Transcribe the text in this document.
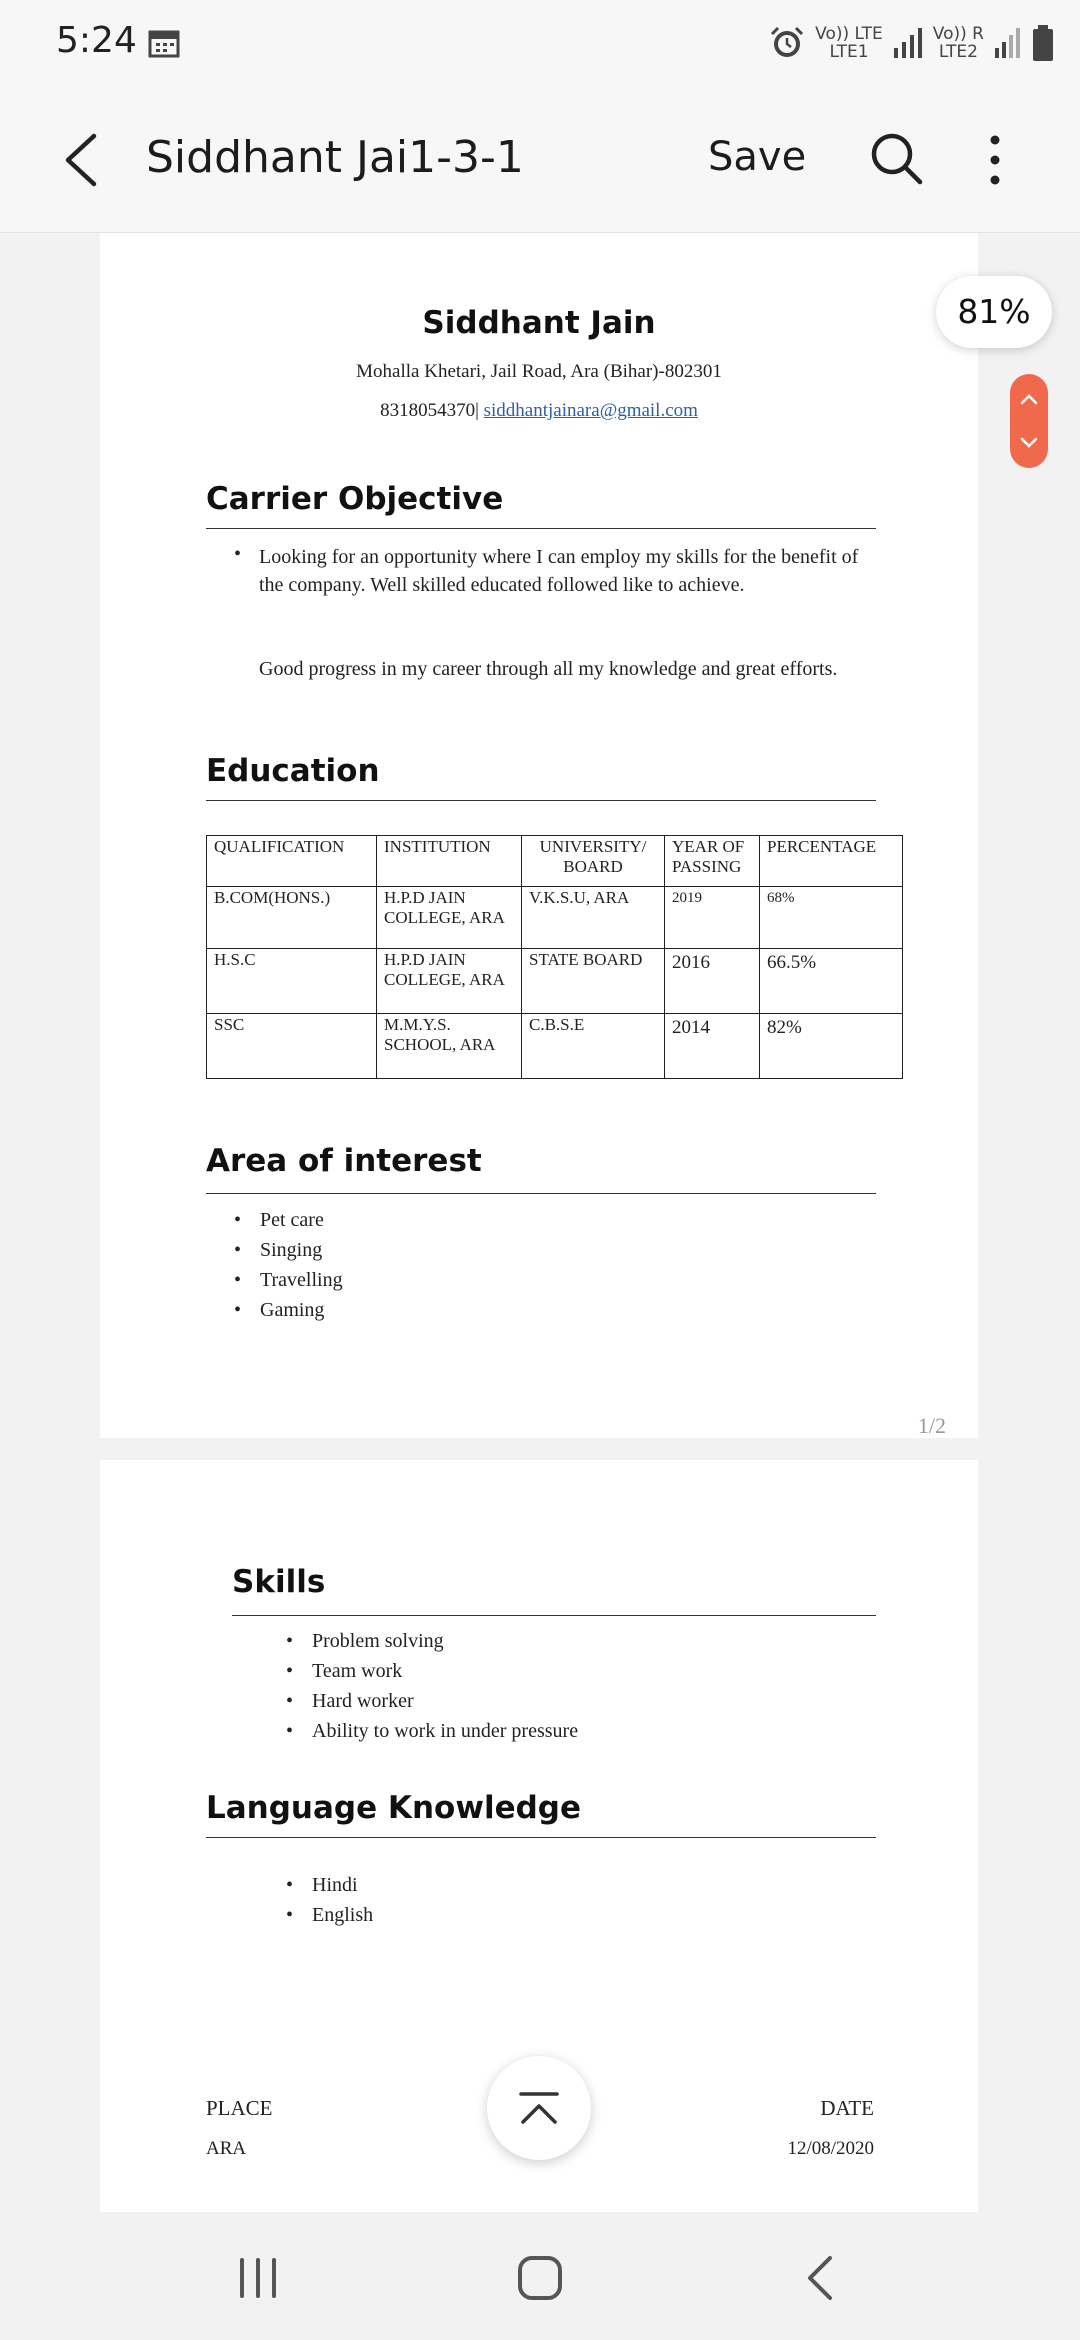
5:24	Vo)) LTE
LTE1
Vo)) R
LTE2
Siddhant Jai1-3-1	Save
Siddhant Jain
Mohalla Khetari, Jail Road, Ara (Bihar)-802301
8318054370| siddhantjainara@gmail.com
Carrier Objective
• Looking for an opportunity where I can employ my skills for the benefit of the company. Well skilled educated followed like to achieve.
Good progress in my career through all my knowledge and great efforts.
Education
QUALIFICATION	INSTITUTION	UNIVERSITY/ BOARD	YEAR OF PASSING	PERCENTAGE
B.COM(HONS.)	H.P.D JAIN COLLEGE, ARA	V.K.S.U, ARA	2019	68%
H.S.C	H.P.D JAIN COLLEGE, ARA	STATE BOARD	2016	66.5%
SSC	M.M.Y.S. SCHOOL, ARA	C.B.S.E	2014	82%
Area of interest
• Pet care
• Singing
• Travelling
• Gaming
1/2
Skills
• Problem solving
• Team work
• Hard worker
• Ability to work in under pressure
Language Knowledge
• Hindi
• English
PLACE
ARA
DATE
12/08/2020
81%
